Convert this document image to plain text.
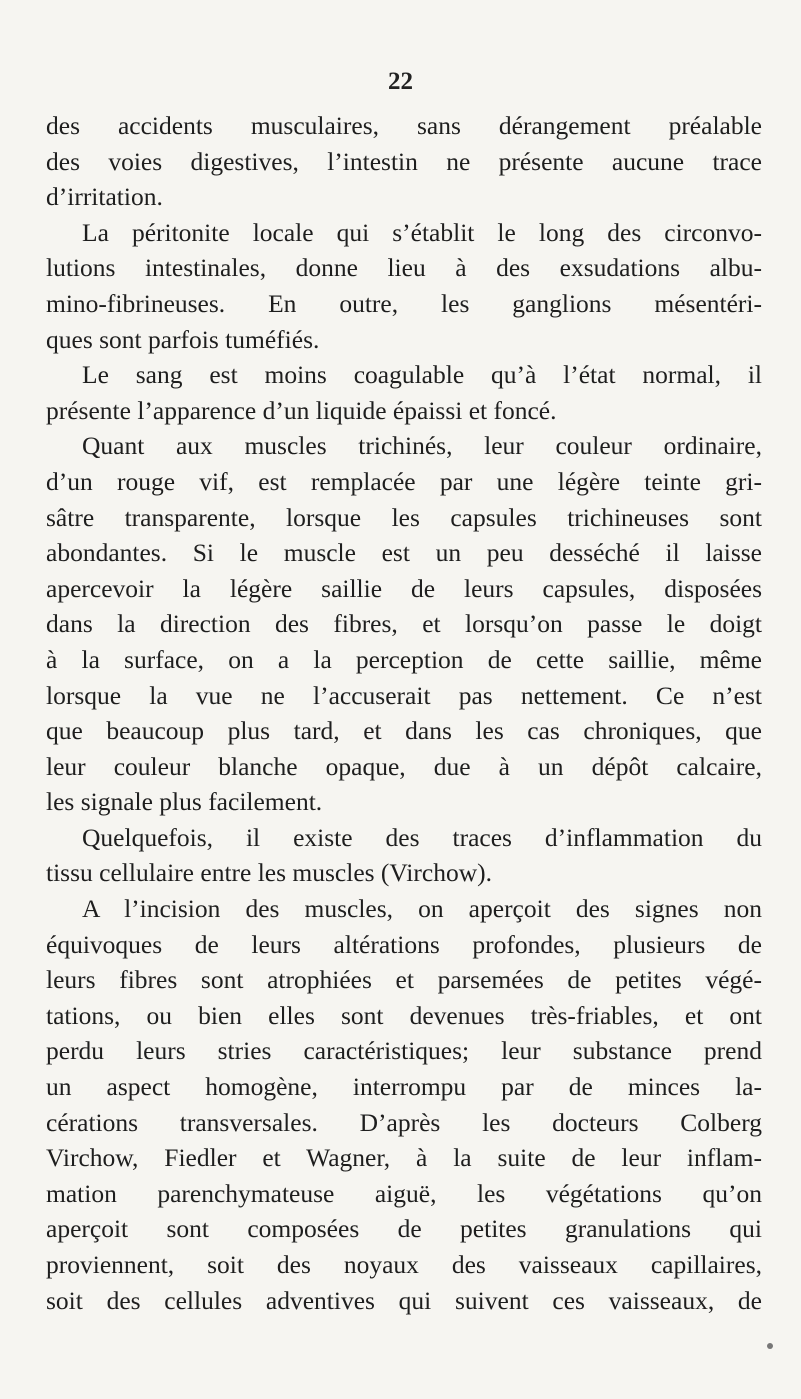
22
des accidents musculaires, sans dérangement préalable
des voies digestives, l’intestin ne présente aucune trace
d’irritation.
La péritonite locale qui s’établit le long des circonvo-
lutions intestinales, donne lieu à des exsudations albu-
mino-fibrineuses. En outre, les ganglions mésentéri-
ques sont parfois tuméfiés.
Le sang est moins coagulable qu’à l’état normal, il
présente l’apparence d’un liquide épaissi et foncé.
Quant aux muscles trichinés, leur couleur ordinaire,
d’un rouge vif, est remplacée par une légère teinte gri-
sâtre transparente, lorsque les capsules trichineuses sont
abondantes. Si le muscle est un peu desséché il laisse
apercevoir la légère saillie de leurs capsules, disposées
dans la direction des fibres, et lorsqu’on passe le doigt
à la surface, on a la perception de cette saillie, même
lorsque la vue ne l’accuserait pas nettement. Ce n’est
que beaucoup plus tard, et dans les cas chroniques, que
leur couleur blanche opaque, due à un dépôt calcaire,
les signale plus facilement.
Quelquefois, il existe des traces d’inflammation du
tissu cellulaire entre les muscles (Virchow).
A l’incision des muscles, on aperçoit des signes non
équivoques de leurs altérations profondes, plusieurs de
leurs fibres sont atrophiées et parsemées de petites végé-
tations, ou bien elles sont devenues très-friables, et ont
perdu leurs stries caractéristiques; leur substance prend
un aspect homogène, interrompu par de minces la-
cérations transversales. D’après les docteurs Colberg
Virchow, Fiedler et Wagner, à la suite de leur inflam-
mation parenchymateuse aiguë, les végétations qu’on
aperçoit sont composées de petites granulations qui
proviennent, soit des noyaux des vaisseaux capillaires,
soit des cellules adventives qui suivent ces vaisseaux, de
